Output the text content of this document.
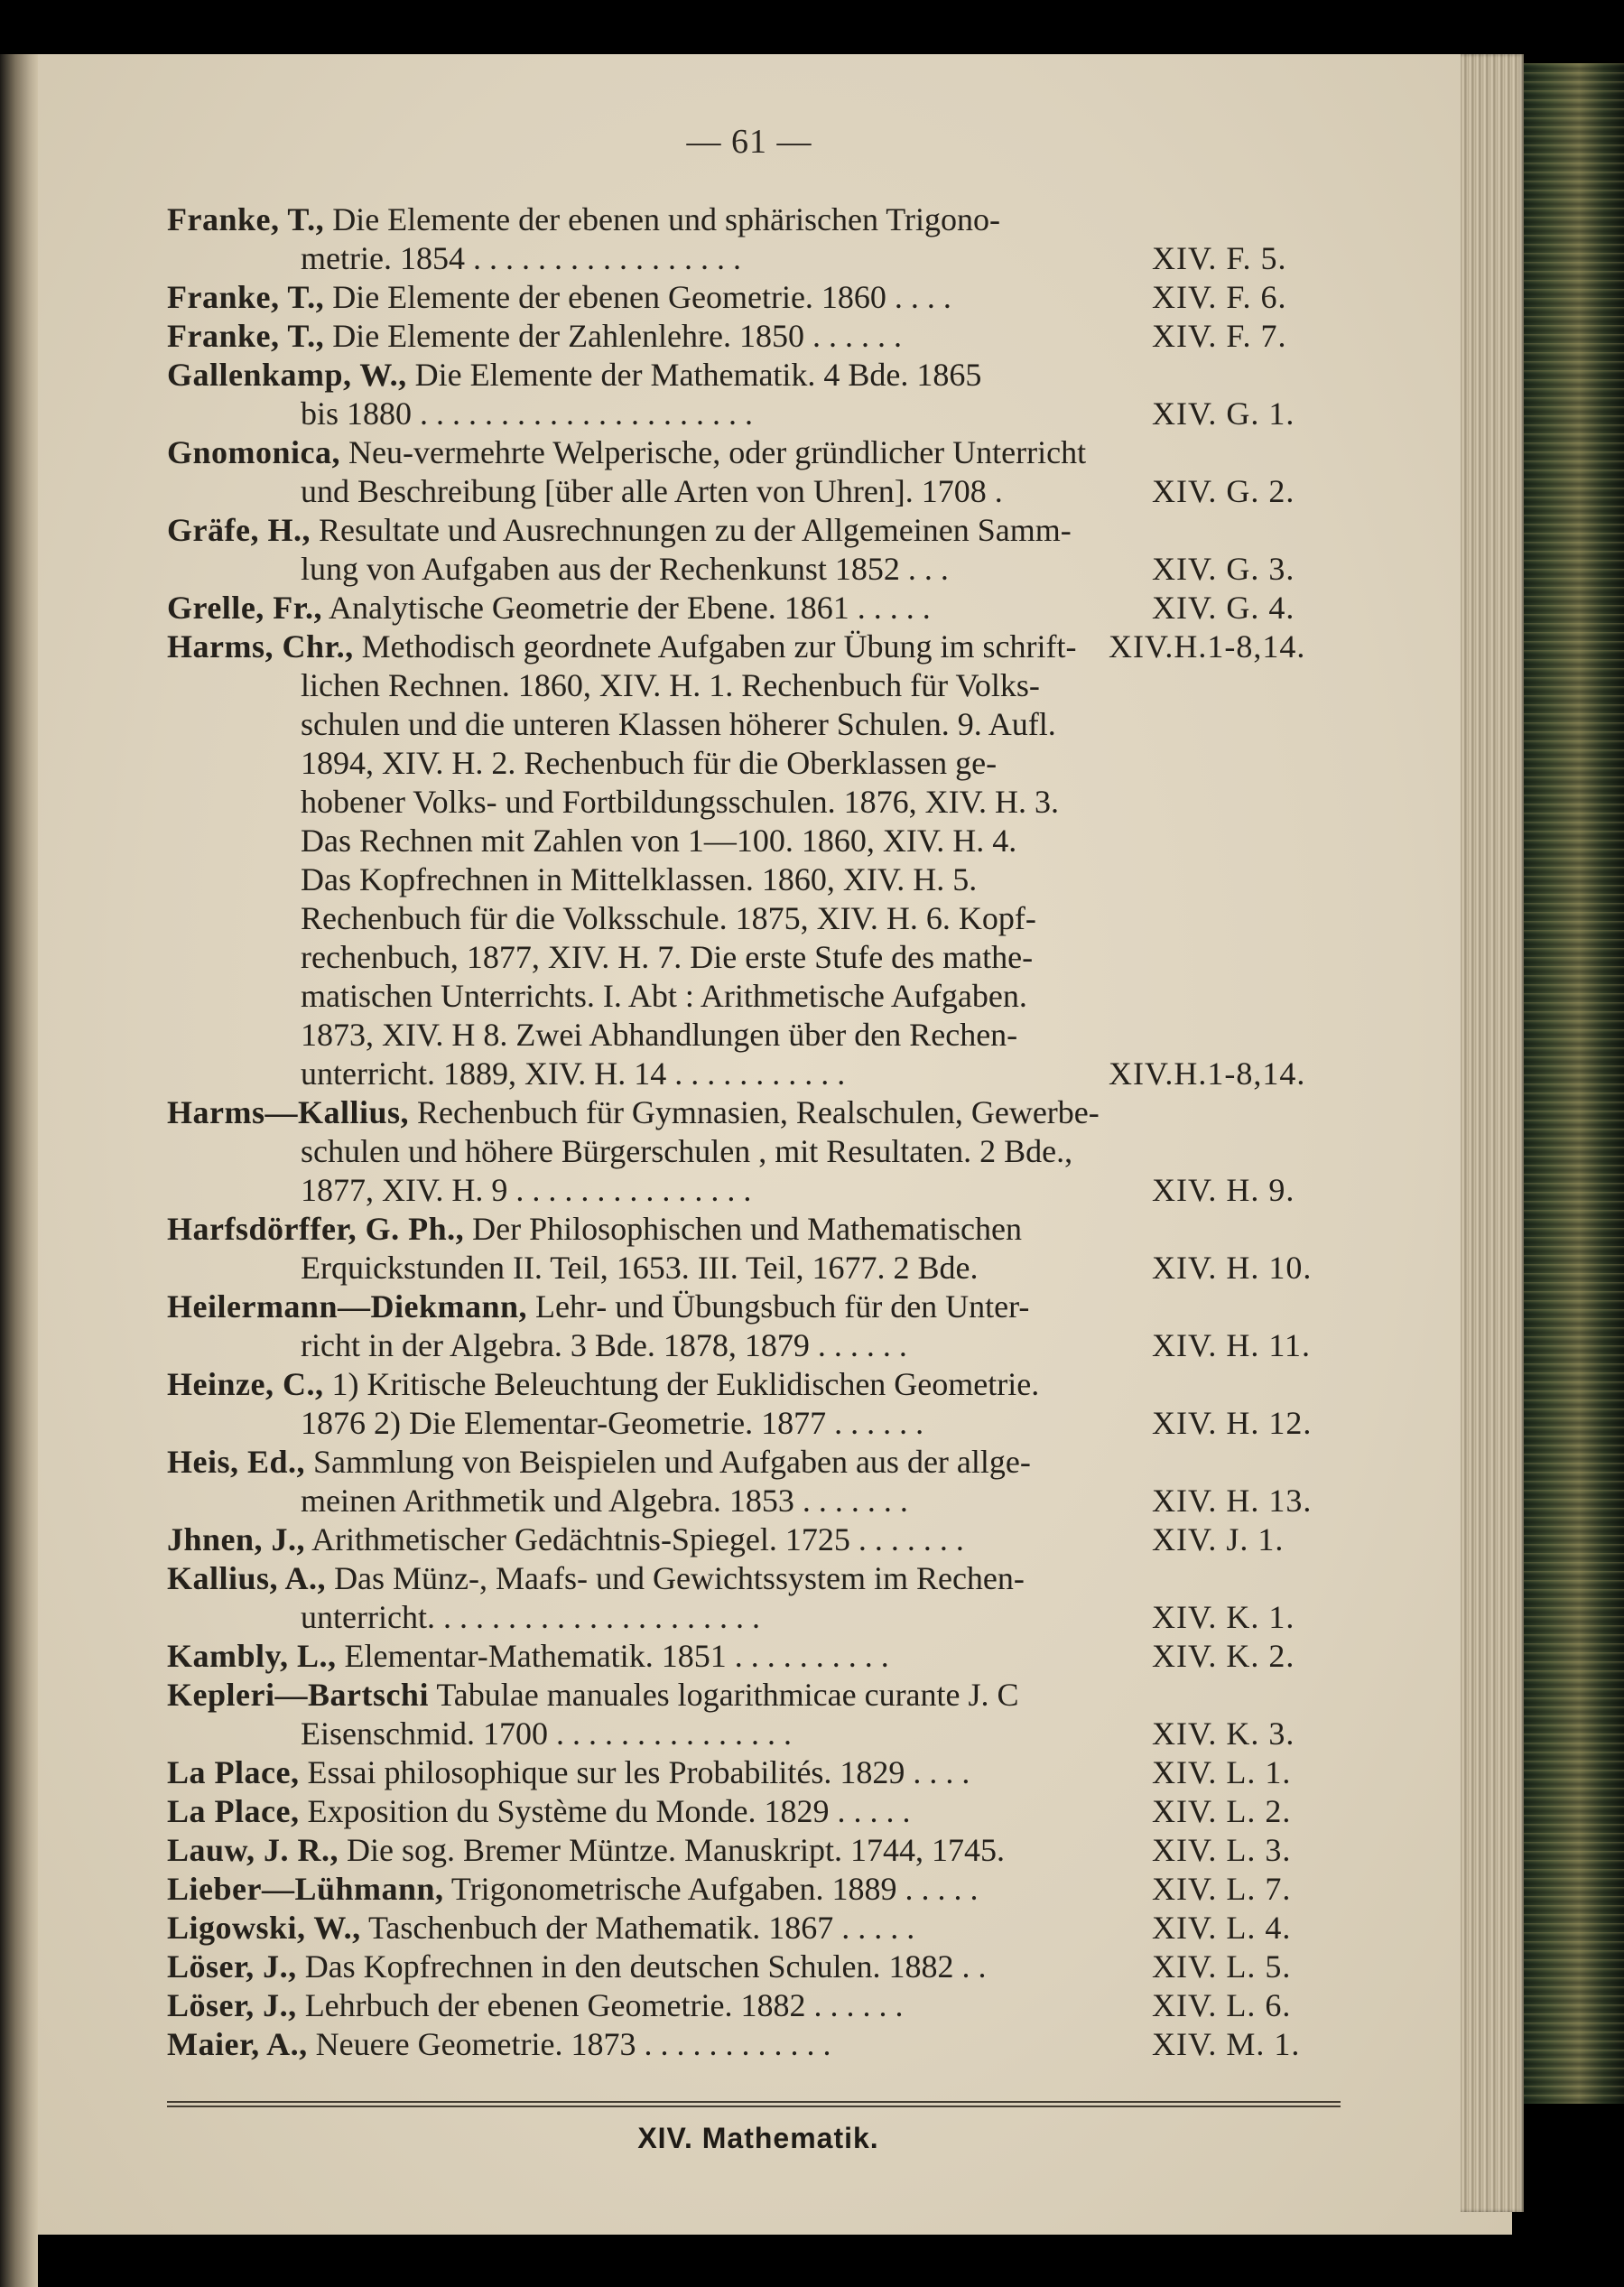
— 61 —
Franke, T., Die Elemente der ebenen und sphärischen Trigono-
metrie. 1854 . . . . . . . . . . . . . . . . .	XIV. F. 5.
Franke, T., Die Elemente der ebenen Geometrie. 1860 . . . .	XIV. F. 6.
Franke, T., Die Elemente der Zahlenlehre. 1850 . . . . . .	XIV. F. 7.
Gallenkamp, W., Die Elemente der Mathematik. 4 Bde. 1865
bis 1880 . . . . . . . . . . . . . . . . . . . . .	XIV. G. 1.
Gnomonica, Neu-vermehrte Welperische, oder gründlicher Unterricht
und Beschreibung [über alle Arten von Uhren]. 1708 .	XIV. G. 2.
Gräfe, H., Resultate und Ausrechnungen zu der Allgemeinen Samm-
lung von Aufgaben aus der Rechenkunst 1852 . . .	XIV. G. 3.
Grelle, Fr., Analytische Geometrie der Ebene. 1861 . . . . .	XIV. G. 4.
Harms, Chr., Methodisch geordnete Aufgaben zur Übung im schrift- XIV.H.1-8,14.
lichen Rechnen. 1860, XIV. H. 1. Rechenbuch für Volks-
schulen und die unteren Klassen höherer Schulen. 9. Aufl.
1894, XIV. H. 2. Rechenbuch für die Oberklassen ge-
hobener Volks- und Fortbildungsschulen. 1876, XIV. H. 3.
Das Rechnen mit Zahlen von 1—100. 1860, XIV. H. 4.
Das Kopfrechnen in Mittelklassen. 1860, XIV. H. 5.
Rechenbuch für die Volksschule. 1875, XIV. H. 6. Kopf-
rechenbuch, 1877, XIV. H. 7. Die erste Stufe des mathe-
matischen Unterrichts. I. Abt : Arithmetische Aufgaben.
1873, XIV. H 8. Zwei Abhandlungen über den Rechen-
unterricht. 1889, XIV. H. 14 . . . . . . . . . . .	XIV.H.1-8,14.
Harms—Kallius, Rechenbuch für Gymnasien, Realschulen, Gewerbe-
schulen und höhere Bürgerschulen , mit Resultaten. 2 Bde.,
1877, XIV. H. 9 . . . . . . . . . . . . . . .	XIV. H. 9.
Harfsdörffer, G. Ph., Der Philosophischen und Mathematischen
Erquickstunden II. Teil, 1653. III. Teil, 1677. 2 Bde.	XIV. H. 10.
Heilermann—Diekmann, Lehr- und Übungsbuch für den Unter-
richt in der Algebra. 3 Bde. 1878, 1879 . . . . . .	XIV. H. 11.
Heinze, C., 1) Kritische Beleuchtung der Euklidischen Geometrie.
1876 2) Die Elementar-Geometrie. 1877 . . . . . .	XIV. H. 12.
Heis, Ed., Sammlung von Beispielen und Aufgaben aus der allge-
meinen Arithmetik und Algebra. 1853 . . . . . . .	XIV. H. 13.
Jhnen, J., Arithmetischer Gedächtnis-Spiegel. 1725 . . . . . . .	XIV. J. 1.
Kallius, A., Das Münz-, Maafs- und Gewichtssystem im Rechen-
unterricht. . . . . . . . . . . . . . . . . . . . .	XIV. K. 1.
Kambly, L., Elementar-Mathematik. 1851 . . . . . . . . . .	XIV. K. 2.
Kepleri—Bartschi Tabulae manuales logarithmicae curante J. C
Eisenschmid. 1700 . . . . . . . . . . . . . . .	XIV. K. 3.
La Place, Essai philosophique sur les Probabilités. 1829 . . . .	XIV. L. 1.
La Place, Exposition du Système du Monde. 1829 . . . . .	XIV. L. 2.
Lauw, J. R., Die sog. Bremer Müntze. Manuskript. 1744, 1745.	XIV. L. 3.
Lieber—Lühmann, Trigonometrische Aufgaben. 1889 . . . . .	XIV. L. 7.
Ligowski, W., Taschenbuch der Mathematik. 1867 . . . . .	XIV. L. 4.
Löser, J., Das Kopfrechnen in den deutschen Schulen. 1882 . .	XIV. L. 5.
Löser, J., Lehrbuch der ebenen Geometrie. 1882 . . . . . .	XIV. L. 6.
Maier, A., Neuere Geometrie. 1873 . . . . . . . . . . . .	XIV. M. 1.
XIV. Mathematik.
